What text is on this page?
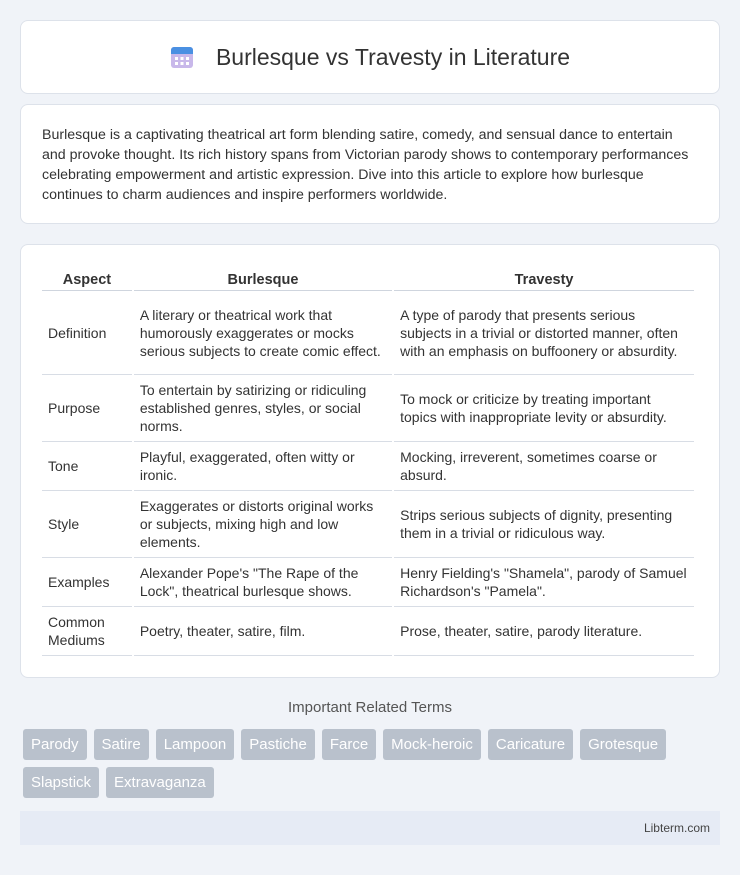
Burlesque vs Travesty in Literature

Burlesque is a captivating theatrical art form blending satire, comedy, and sensual dance to entertain and provoke thought. Its rich history spans from Victorian parody shows to contemporary performances celebrating empowerment and artistic expression. Dive into this article to explore how burlesque continues to charm audiences and inspire performers worldwide.

Aspect	Burlesque	Travesty
Definition	A literary or theatrical work that humorously exaggerates or mocks serious subjects to create comic effect.	A type of parody that presents serious subjects in a trivial or distorted manner, often with an emphasis on buffoonery or absurdity.
Purpose	To entertain by satirizing or ridiculing established genres, styles, or social norms.	To mock or criticize by treating important topics with inappropriate levity or absurdity.
Tone	Playful, exaggerated, often witty or ironic.	Mocking, irreverent, sometimes coarse or absurd.
Style	Exaggerates or distorts original works or subjects, mixing high and low elements.	Strips serious subjects of dignity, presenting them in a trivial or ridiculous way.
Examples	Alexander Pope's "The Rape of the Lock", theatrical burlesque shows.	Henry Fielding's "Shamela", parody of Samuel Richardson's "Pamela".
Common Mediums	Poetry, theater, satire, film.	Prose, theater, satire, parody literature.
Important Related Terms
Parody	Satire	Lampoon	Pastiche	Farce	Mock-heroic	Caricature	Grotesque
Slapstick	Extravaganza
Libterm.com
